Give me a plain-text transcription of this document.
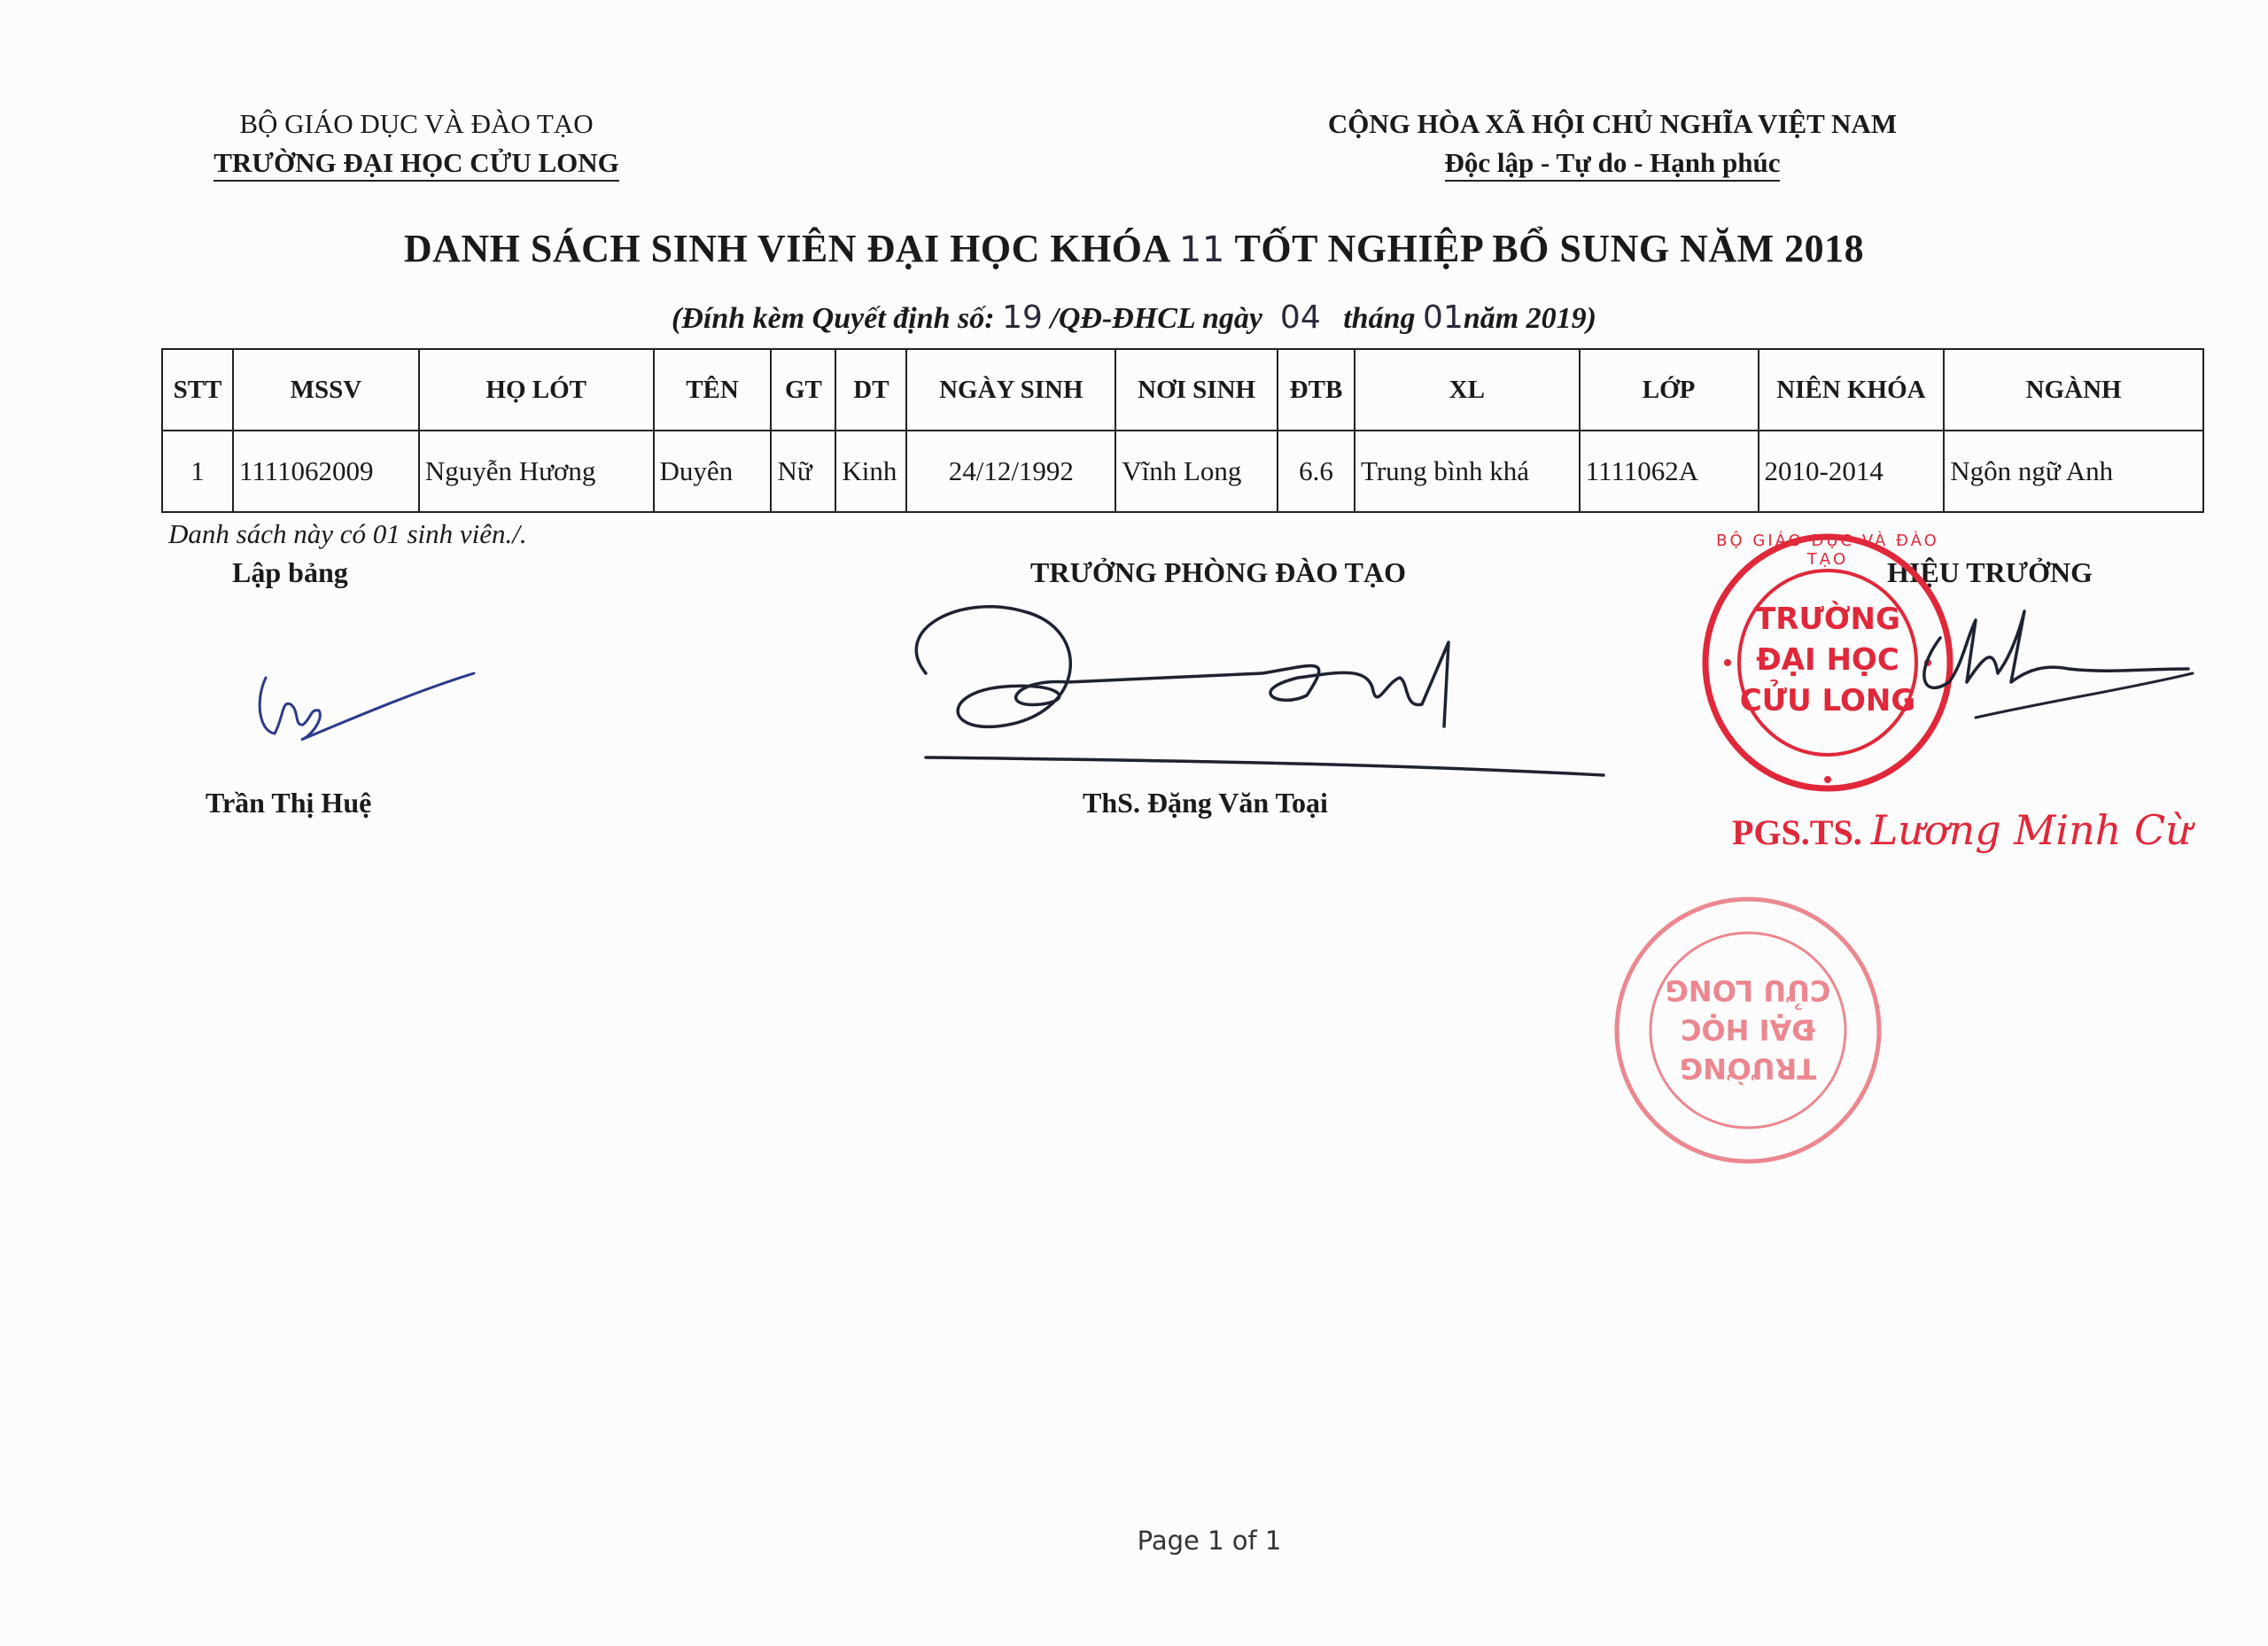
BỘ GIÁO DỤC VÀ ĐÀO TẠO
TRƯỜNG ĐẠI HỌC CỬU LONG
CỘNG HÒA XÃ HỘI CHỦ NGHĨA VIỆT NAM
Độc lập - Tự do - Hạnh phúc
DANH SÁCH SINH VIÊN ĐẠI HỌC KHÓA 11 TỐT NGHIỆP BỔ SUNG NĂM 2018
(Đính kèm Quyết định số: 19 /QĐ-ĐHCL ngày 04 tháng 01năm 2019)
STT	MSSV	HỌ LÓT	TÊN	GT	DT	NGÀY SINH	NƠI SINH	ĐTB	XL	LỚP	NIÊN KHÓA	NGÀNH
1	1111062009	Nguyễn Hương	Duyên	Nữ	Kinh	24/12/1992	Vĩnh Long	6.6	Trung bình khá	1111062A	2010-2014	Ngôn ngữ Anh
Danh sách này có 01 sinh viên./.
Lập bảng
Trần Thị Huệ
TRƯỞNG PHÒNG ĐÀO TẠO
ThS. Đặng Văn Toại
HIỆU TRƯỞNG
BỘ GIÁO DỤC VÀ ĐÀO TẠO
TRƯỜNG
ĐẠI HỌC
CỬU LONG
PGS.TS. Lương Minh Cừ
TRƯỜNG
ĐẠI HỌC
CỬU LONG
Page 1 of 1
